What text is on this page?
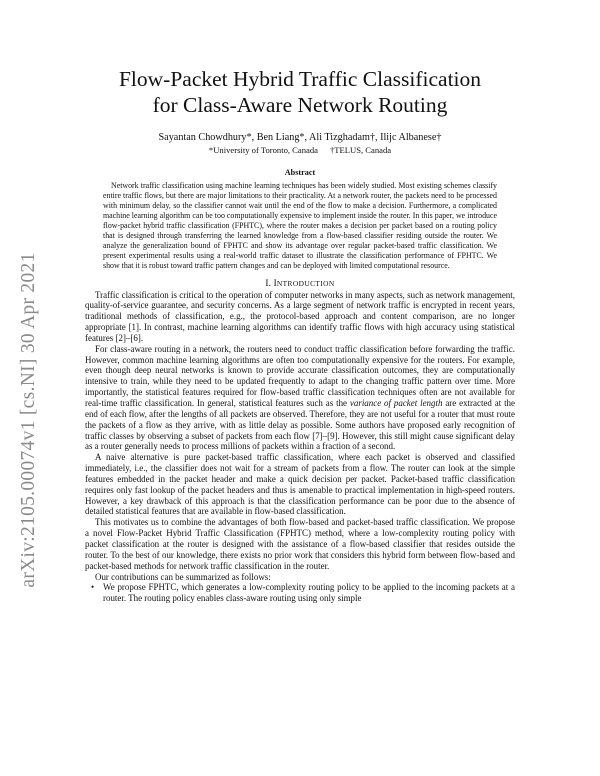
arXiv:2105.00074v1 [cs.NI] 30 Apr 2021
Flow-Packet Hybrid Traffic Classification
for Class-Aware Network Routing
Sayantan Chowdhury*, Ben Liang*, Ali Tizghadam†, Ilijc Albanese†
*University of Toronto, Canada †TELUS, Canada
Abstract
Network traffic classification using machine learning techniques has been widely studied. Most existing schemes classify entire traffic flows, but there are major limitations to their practicality. At a network router, the packets need to be processed with minimum delay, so the classifier cannot wait until the end of the flow to make a decision. Furthermore, a complicated machine learning algorithm can be too computationally expensive to implement inside the router. In this paper, we introduce flow-packet hybrid traffic classification (FPHTC), where the router makes a decision per packet based on a routing policy that is designed through transferring the learned knowledge from a flow-based classifier residing outside the router. We analyze the generalization bound of FPHTC and show its advantage over regular packet-based traffic classification. We present experimental results using a real-world traffic dataset to illustrate the classification performance of FPHTC. We show that it is robust toward traffic pattern changes and can be deployed with limited computational resource.
I. INTRODUCTION

Traffic classification is critical to the operation of computer networks in many aspects, such as network management, quality-of-service guarantee, and security concerns. As a large segment of network traffic is encrypted in recent years, traditional methods of classification, e.g., the protocol-based approach and content comparison, are no longer appropriate [1]. In contrast, machine learning algorithms can identify traffic flows with high accuracy using statistical features [2]–[6].

For class-aware routing in a network, the routers need to conduct traffic classification before forwarding the traffic. However, common machine learning algorithms are often too computationally expensive for the routers. For example, even though deep neural networks is known to provide accurate classification outcomes, they are computationally intensive to train, while they need to be updated frequently to adapt to the changing traffic pattern over time. More importantly, the statistical features required for flow-based traffic classification techniques often are not available for real-time traffic classification. In general, statistical features such as the variance of packet length are extracted at the end of each flow, after the lengths of all packets are observed. Therefore, they are not useful for a router that must route the packets of a flow as they arrive, with as little delay as possible. Some authors have proposed early recognition of traffic classes by observing a subset of packets from each flow [7]–[9]. However, this still might cause significant delay as a router generally needs to process millions of packets within a fraction of a second.

A naive alternative is pure packet-based traffic classification, where each packet is observed and classified immediately, i.e., the classifier does not wait for a stream of packets from a flow. The router can look at the simple features embedded in the packet header and make a quick decision per packet. Packet-based traffic classification requires only fast lookup of the packet headers and thus is amenable to practical implementation in high-speed routers. However, a key drawback of this approach is that the classification performance can be poor due to the absence of detailed statistical features that are available in flow-based classification.

This motivates us to combine the advantages of both flow-based and packet-based traffic classification. We propose a novel Flow-Packet Hybrid Traffic Classification (FPHTC) method, where a low-complexity routing policy with packet classification at the router is designed with the assistance of a flow-based classifier that resides outside the router. To the best of our knowledge, there exists no prior work that considers this hybrid form between flow-based and packet-based methods for network traffic classification in the router.

Our contributions can be summarized as follows:

• We propose FPHTC, which generates a low-complexity routing policy to be applied to the incoming packets at a router. The routing policy enables class-aware routing using only simple
